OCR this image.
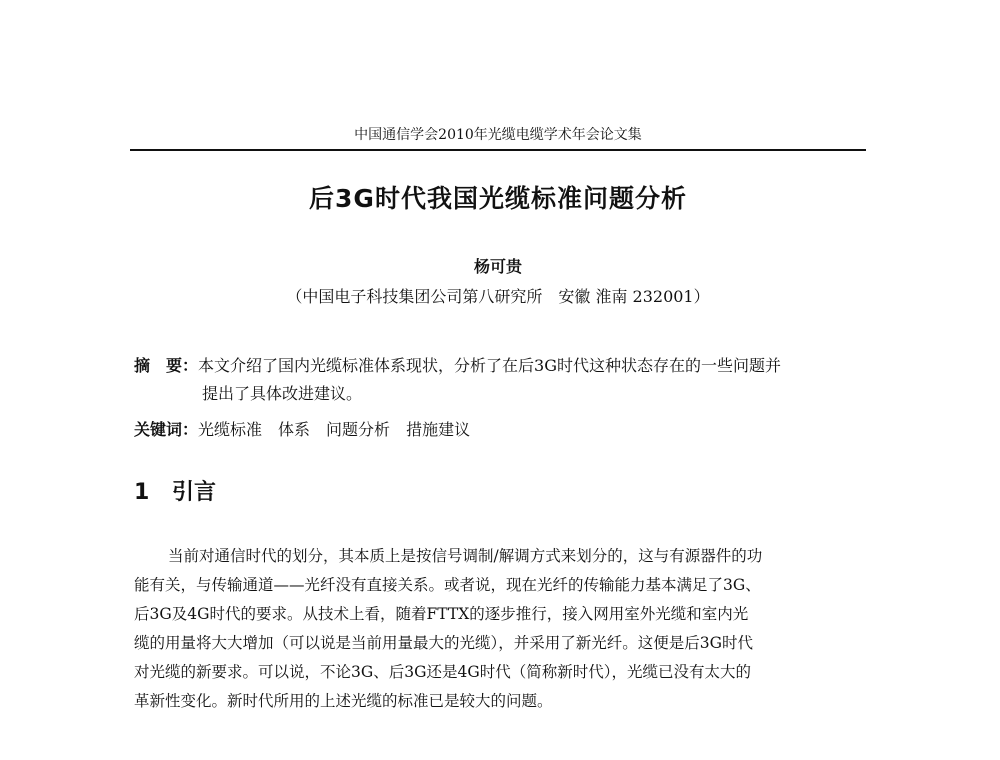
中国通信学会2010年光缆电缆学术年会论文集
后3G时代我国光缆标准问题分析
杨可贵
（中国电子科技集团公司第八研究所　安徽 淮南 232001）
摘　要：本文介绍了国内光缆标准体系现状，分析了在后3G时代这种状态存在的一些问题并
提出了具体改进建议。
关键词：光缆标准 体系 问题分析 措施建议
1 引言
当前对通信时代的划分，其本质上是按信号调制/解调方式来划分的，这与有源器件的功
能有关，与传输通道——光纤没有直接关系。或者说，现在光纤的传输能力基本满足了3G、
后3G及4G时代的要求。从技术上看，随着FTTX的逐步推行，接入网用室外光缆和室内光
缆的用量将大大增加（可以说是当前用量最大的光缆），并采用了新光纤。这便是后3G时代
对光缆的新要求。可以说，不论3G、后3G还是4G时代（简称新时代），光缆已没有太大的
革新性变化。新时代所用的上述光缆的标准已是较大的问题。
